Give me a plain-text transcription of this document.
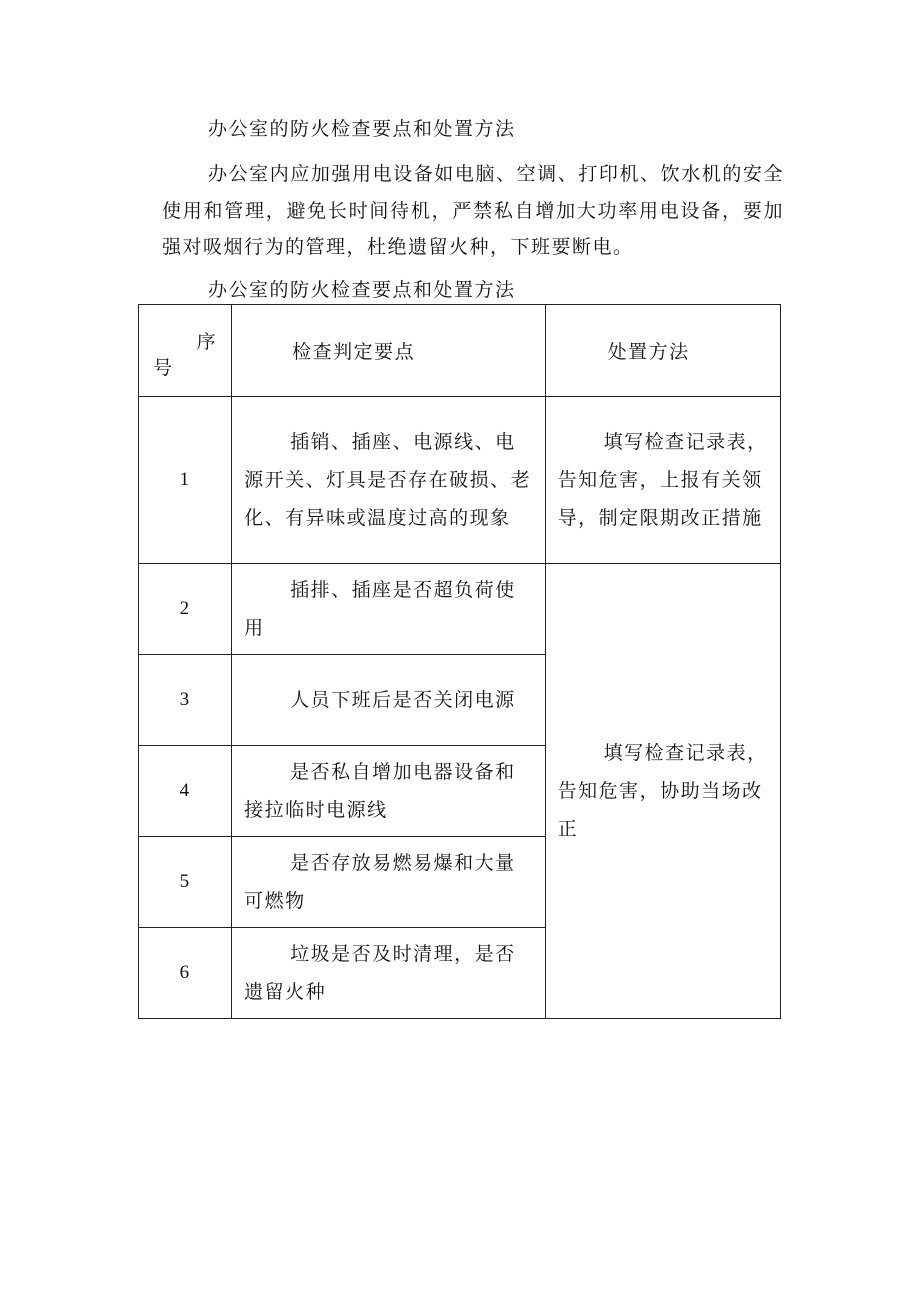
办公室的防火检查要点和处置方法
办公室内应加强用电设备如电脑、空调、打印机、饮水机的安全使用和管理，避免长时间待机，严禁私自增加大功率用电设备，要加强对吸烟行为的管理，杜绝遗留火种，下班要断电。
办公室的防火检查要点和处置方法
序
号	检查判定要点	处置方法
1	插销、插座、电源线、电源开关、灯具是否存在破损、老化、有异味或温度过高的现象	填写检查记录表，告知危害，上报有关领导，制定限期改正措施
2	插排、插座是否超负荷使用	填写检查记录表，告知危害，协助当场改正
3	人员下班后是否关闭电源	
4	是否私自增加电器设备和接拉临时电源线	
5	是否存放易燃易爆和大量可燃物	
6	垃圾是否及时清理，是否遗留火种	
